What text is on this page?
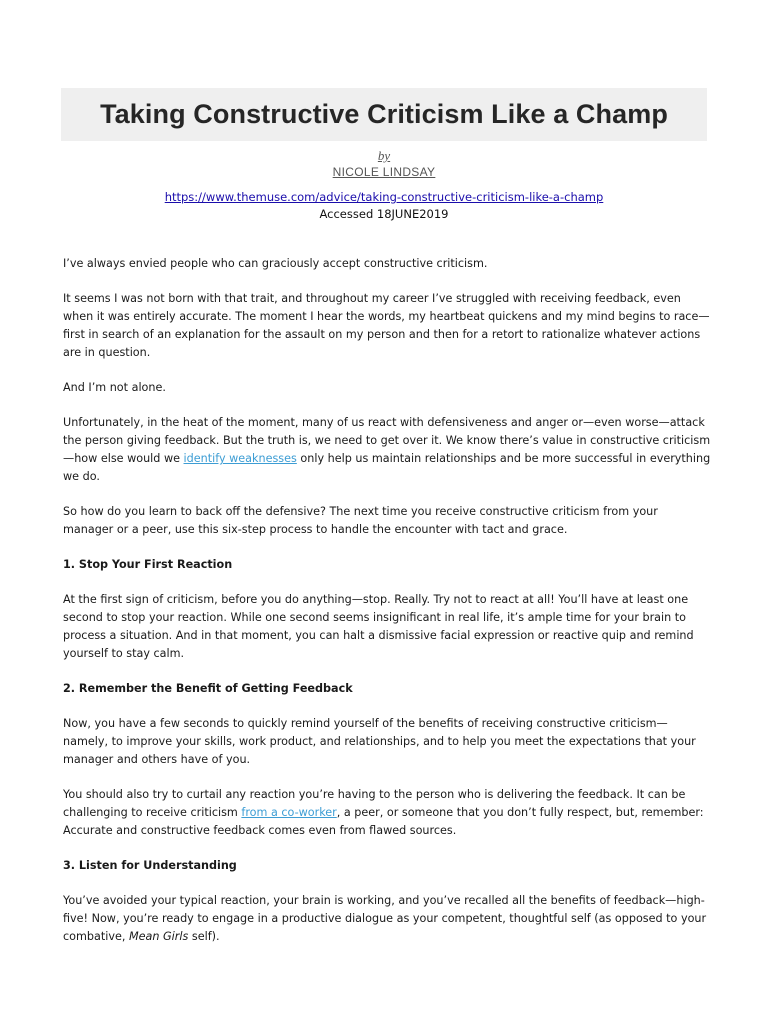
Taking Constructive Criticism Like a Champ
by
NICOLE LINDSAY
https://www.themuse.com/advice/taking-constructive-criticism-like-a-champ
Accessed 18JUNE2019

I’ve always envied people who can graciously accept constructive criticism.

It seems I was not born with that trait, and throughout my career I’ve struggled with receiving feedback, even when it was entirely accurate. The moment I hear the words, my heartbeat quickens and my mind begins to race—first in search of an explanation for the assault on my person and then for a retort to rationalize whatever actions are in question.

And I’m not alone.

Unfortunately, in the heat of the moment, many of us react with defensiveness and anger or—even worse—attack the person giving feedback. But the truth is, we need to get over it. We know there’s value in constructive criticism—how else would we identify weaknesses only help us maintain relationships and be more successful in everything we do.

So how do you learn to back off the defensive? The next time you receive constructive criticism from your manager or a peer, use this six-step process to handle the encounter with tact and grace.

1. Stop Your First Reaction

At the first sign of criticism, before you do anything—stop. Really. Try not to react at all! You’ll have at least one second to stop your reaction. While one second seems insignificant in real life, it’s ample time for your brain to process a situation. And in that moment, you can halt a dismissive facial expression or reactive quip and remind yourself to stay calm.

2. Remember the Benefit of Getting Feedback

Now, you have a few seconds to quickly remind yourself of the benefits of receiving constructive criticism—namely, to improve your skills, work product, and relationships, and to help you meet the expectations that your manager and others have of you.

You should also try to curtail any reaction you’re having to the person who is delivering the feedback. It can be challenging to receive criticism from a co-worker, a peer, or someone that you don’t fully respect, but, remember: Accurate and constructive feedback comes even from flawed sources.

3. Listen for Understanding

You’ve avoided your typical reaction, your brain is working, and you’ve recalled all the benefits of feedback—high-five! Now, you’re ready to engage in a productive dialogue as your competent, thoughtful self (as opposed to your combative, Mean Girls self).
